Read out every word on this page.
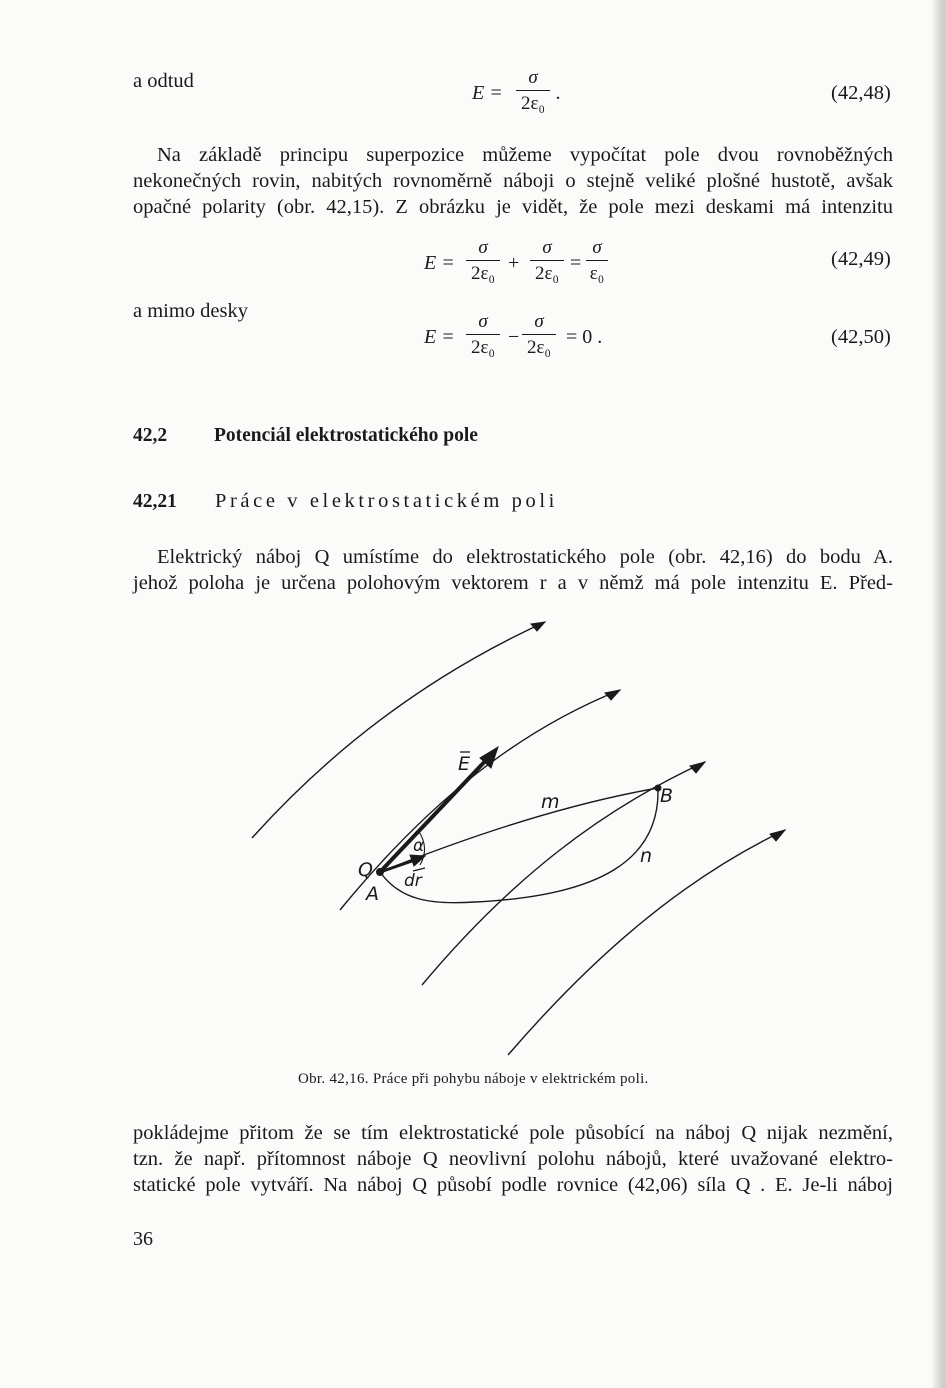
a odtud
E =
σ
2ε₀ .	(42,48)
Na základě principu superpozice můžeme vypočítat pole dvou rovnoběžných
nekonečných rovin, nabitých rovnoměrně náboji o stejně veliké plošné hustotě, avšak
opačné polarity (obr. 42,15). Z obrázku je vidět, že pole mezi deskami má intenzitu
E =
σ
2ε₀ +
σ
2ε₀ =
σ
ε₀
(42,49)
a mimo desky
E =
σ
2ε₀ −
σ
2ε₀ = 0 .	(42,50)
42,2 Potenciál elektrostatického pole
42,21 Práce v elektrostatickém poli
Elektrický náboj Q umístíme do elektrostatického pole (obr. 42,16) do bodu A.
jehož poloha je určena polohovým vektorem r a v němž má pole intenzitu E. Před-
E
m	B
α	n
Q dr
A
Obr. 42,16. Práce při pohybu náboje v elektrickém poli.
pokládejme přitom že se tím elektrostatické pole působící na náboj Q nijak nezmění,
tzn. že např. přítomnost náboje Q neovlivní polohu nábojů, které uvažované elektro-
statické pole vytváří. Na náboj Q působí podle rovnice (42,06) síla Q . E. Je-li náboj
36
